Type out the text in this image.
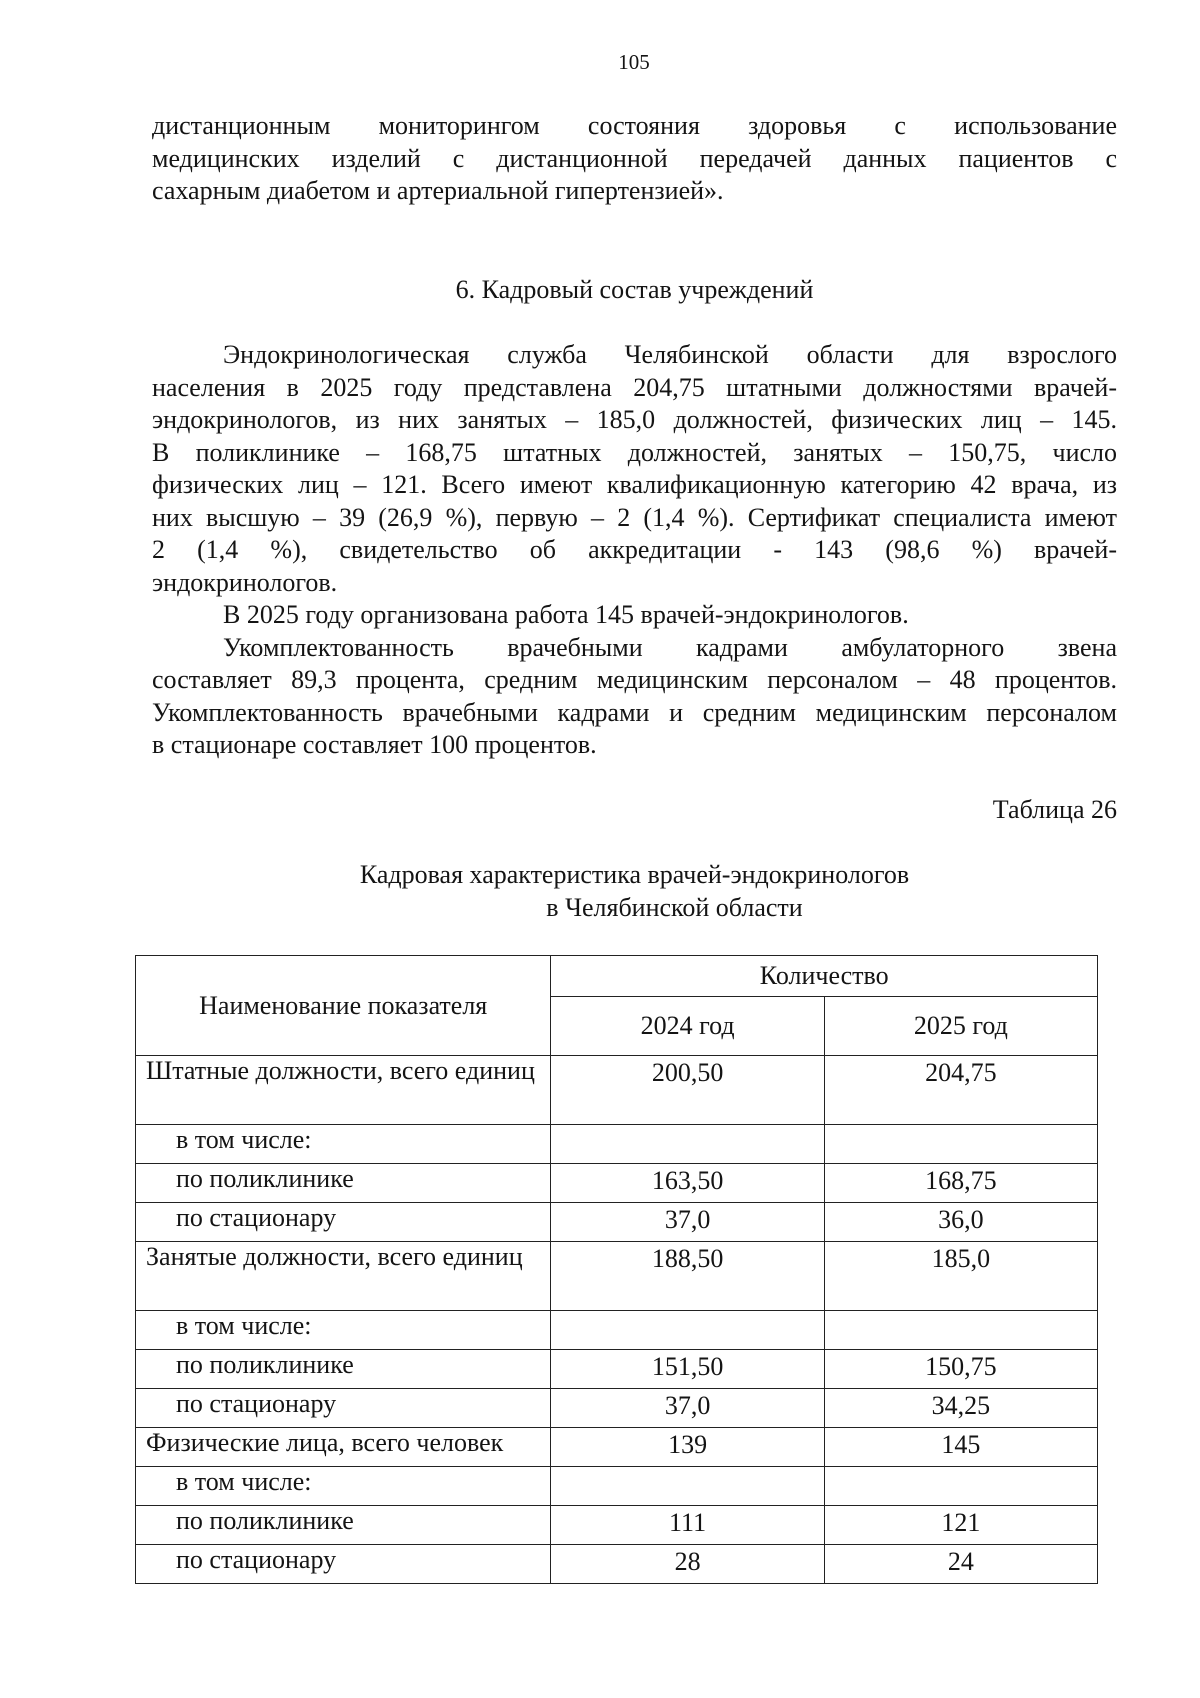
105

дистанционным мониторингом состояния здоровья с использование

медицинских изделий с дистанционной передачей данных пациентов с

сахарным диабетом и артериальной гипертензией».

6. Кадровый состав учреждений

Эндокринологическая служба Челябинской области для взрослого

населения в 2025 году представлена 204,75 штатными должностями врачей-

эндокринологов, из них занятых – 185,0 должностей, физических лиц – 145.

В поликлинике – 168,75 штатных должностей, занятых – 150,75, число

физических лиц – 121. Всего имеют квалификационную категорию 42 врача, из

них высшую – 39 (26,9 %), первую – 2 (1,4 %). Сертификат специалиста имеют

2 (1,4 %), свидетельство об аккредитации - 143 (98,6 %) врачей-

эндокринологов.

В 2025 году организована работа 145 врачей-эндокринологов.

Укомплектованность врачебными кадрами амбулаторного звена

составляет 89,3 процента, средним медицинским персоналом – 48 процентов.

Укомплектованность врачебными кадрами и средним медицинским персоналом

в стационаре составляет 100 процентов.

Таблица 26
Кадровая характеристика врачей-эндокринологов
в Челябинской области
Наименование показателя	Количество	
	2024 год	2025 год
Штатные должности, всего единиц	200,50	204,75
в том числе:		
по поликлинике	163,50	168,75
по стационару	37,0	36,0
Занятые должности, всего единиц	188,50	185,0
в том числе:		
по поликлинике	151,50	150,75
по стационару	37,0	34,25
Физические лица, всего человек	139	145
в том числе:		
по поликлинике	111	121
по стационару	28	24
